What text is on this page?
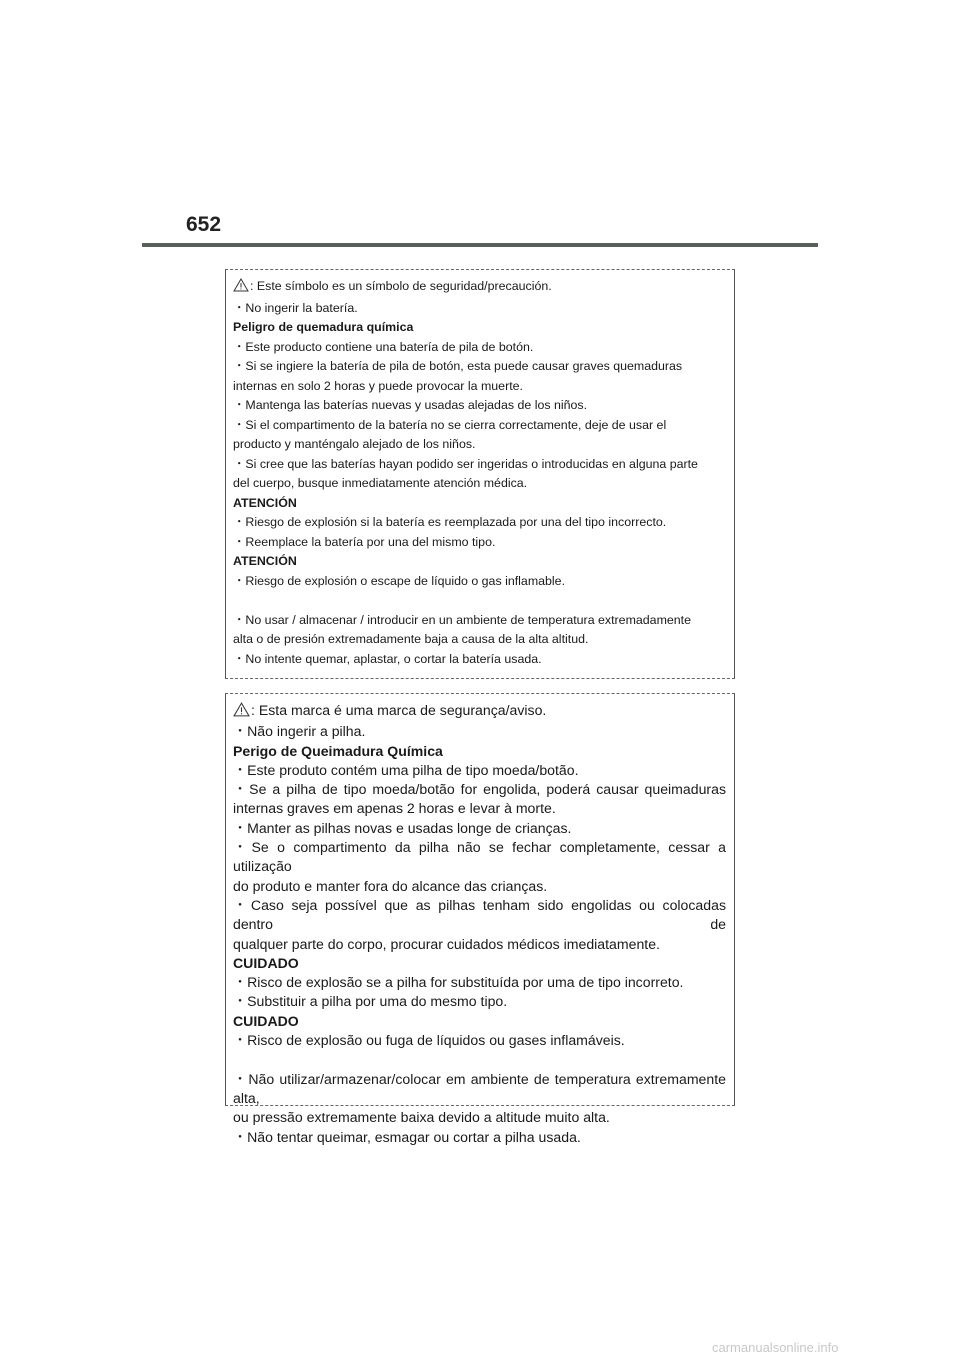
652

: Este símbolo es un símbolo de seguridad/precaución.

・No ingerir la batería.

Peligro de quemadura química

・Este producto contiene una batería de pila de botón.

・Si se ingiere la batería de pila de botón, esta puede causar graves quemaduras

internas en solo 2 horas y puede provocar la muerte.

・Mantenga las baterías nuevas y usadas alejadas de los niños.

・Si el compartimento de la batería no se cierra correctamente, deje de usar el

producto y manténgalo alejado de los niños.

・Si cree que las baterías hayan podido ser ingeridas o introducidas en alguna parte

del cuerpo, busque inmediatamente atención médica.

ATENCIÓN

・Riesgo de explosión si la batería es reemplazada por una del tipo incorrecto.

・Reemplace la batería por una del mismo tipo.

ATENCIÓN

・Riesgo de explosión o escape de líquido o gas inflamable.

・No usar / almacenar / introducir en un ambiente de temperatura extremadamente

alta o de presión extremadamente baja a causa de la alta altitud.

・No intente quemar, aplastar, o cortar la batería usada.

: Esta marca é uma marca de segurança/aviso.

・Não ingerir a pilha.

Perigo de Queimadura Química

・Este produto contém uma pilha de tipo moeda/botão.

・Se a pilha de tipo moeda/botão for engolida, poderá causar queimaduras

internas graves em apenas 2 horas e levar à morte.

・Manter as pilhas novas e usadas longe de crianças.

・Se o compartimento da pilha não se fechar completamente, cessar a utilização

do produto e manter fora do alcance das crianças.

・Caso seja possível que as pilhas tenham sido engolidas ou colocadas dentro de

qualquer parte do corpo, procurar cuidados médicos imediatamente.

CUIDADO

・Risco de explosão se a pilha for substituída por uma de tipo incorreto.

・Substituir a pilha por uma do mesmo tipo.

CUIDADO

・Risco de explosão ou fuga de líquidos ou gases inflamáveis.

・Não utilizar/armazenar/colocar em ambiente de temperatura extremamente alta,

ou pressão extremamente baixa devido a altitude muito alta.

・Não tentar queimar, esmagar ou cortar a pilha usada.

carmanualsonline.info
